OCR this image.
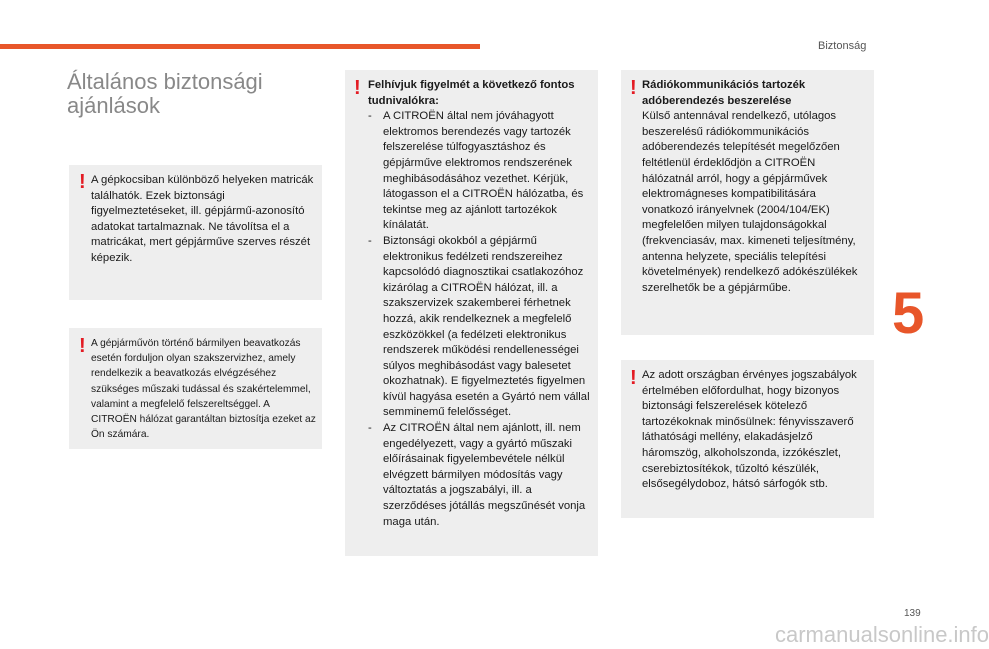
Biztonság
5
139
carmanualsonline.info
Általános biztonsági ajánlások
! A gépkocsiban különböző helyeken matricák találhatók. Ezek biztonsági figyelmeztetéseket, ill. gépjármű-azonosító adatokat tartalmaznak. Ne távolítsa el a matricákat, mert gépjárműve szerves részét képezik.
! A gépjárművön történő bármilyen beavatkozás esetén forduljon olyan szakszervizhez, amely rendelkezik a beavatkozás elvégzéséhez szükséges műszaki tudással és szakértelemmel, valamint a megfelelő felszereltséggel. A CITROËN hálózat garantáltan biztosítja ezeket az Ön számára.
! Felhívjuk figyelmét a következő fontos tudnivalókra:
- A CITROËN által nem jóváhagyott elektromos berendezés vagy tartozék felszerelése túlfogyasztáshoz és gépjárműve elektromos rendszerének meghibásodásához vezethet. Kérjük, látogasson el a CITROËN hálózatba, és tekintse meg az ajánlott tartozékok kínálatát.
- Biztonsági okokból a gépjármű elektronikus fedélzeti rendszereihez kapcsolódó diagnosztikai csatlakozóhoz kizárólag a CITROËN hálózat, ill. a szakszervizek szakemberei férhetnek hozzá, akik rendelkeznek a megfelelő eszközökkel (a fedélzeti elektronikus rendszerek működési rendellenességei súlyos meghibásodást vagy balesetet okozhatnak). E figyelmeztetés figyelmen kívül hagyása esetén a Gyártó nem vállal semminemű felelősséget.
- Az CITROËN által nem ajánlott, ill. nem engedélyezett, vagy a gyártó műszaki előírásainak figyelembevétele nélkül elvégzett bármilyen módosítás vagy változtatás a jogszabályi, ill. a szerződéses jótállás megszűnését vonja maga után.
! Rádiókommunikációs tartozék adóberendezés beszerelése
Külső antennával rendelkező, utólagos beszerelésű rádiókommunikációs adóberendezés telepítését megelőzően feltétlenül érdeklődjön a CITROËN hálózatnál arról, hogy a gépjárművek elektromágneses kompatibilitására vonatkozó irányelvnek (2004/104/EK) megfelelően milyen tulajdonságokkal (frekvenciasáv, max. kimeneti teljesítmény, antenna helyzete, speciális telepítési követelmények) rendelkező adókészülékek szerelhetők be a gépjárműbe.
! Az adott országban érvényes jogszabályok értelmében előfordulhat, hogy bizonyos biztonsági felszerelések kötelező tartozékoknak minősülnek: fényvisszaverő láthatósági mellény, elakadásjelző háromszög, alkoholszonda, izzókészlet, cserebiztosítékok, tűzoltó készülék, elsősegélydoboz, hátsó sárfogók stb.
